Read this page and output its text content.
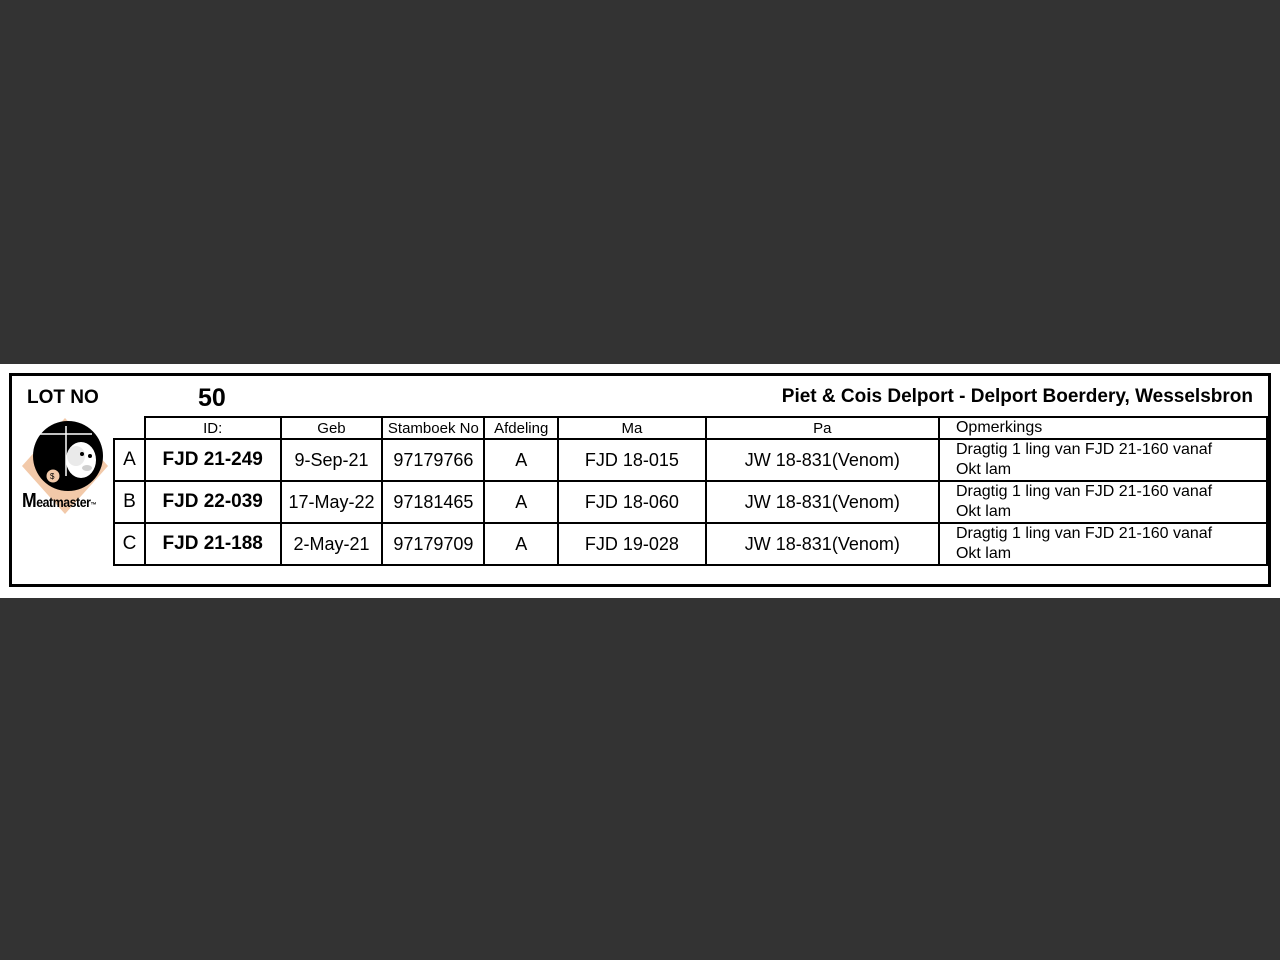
LOT NO	50	Piet & Cois Delport - Delport Boerdery, Wesselsbron
$
Meatmaster™
	ID:	Geb	Stamboek No	Afdeling	Ma	Pa	Opmerkings
A	FJD 21-249	9-Sep-21	97179766	A	FJD 18-015	JW 18-831(Venom)	Dragtig 1 ling van FJD 21-160 vanaf
Okt lam

B	FJD 22-039	17-May-22	97181465	A	FJD 18-060	JW 18-831(Venom)	Dragtig 1 ling van FJD 21-160 vanaf
Okt lam

C	FJD 21-188	2-May-21	97179709	A	FJD 19-028	JW 18-831(Venom)	Dragtig 1 ling van FJD 21-160 vanaf
Okt lam
